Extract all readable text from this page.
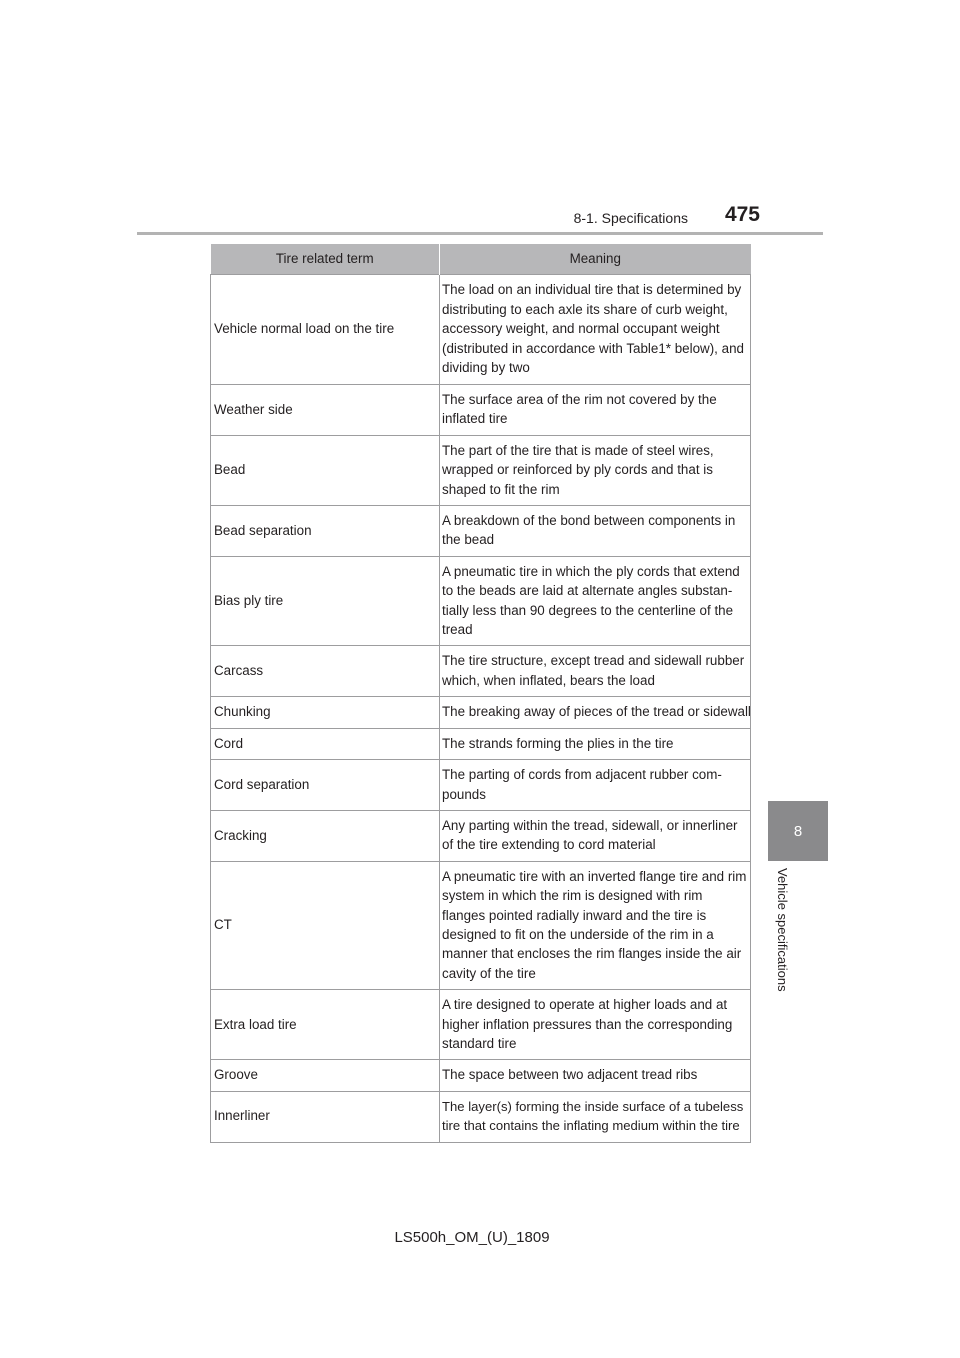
8-1. Specifications	475
8
Vehicle specifications
Tire related term	Meaning
Vehicle normal load on the tire	The load on an individual tire that is determined by distributing to each axle its share of curb weight, accessory weight, and normal occupant weight (distributed in accordance with Table1* below), and dividing by two
Weather side	The surface area of the rim not covered by the inflated tire
Bead	The part of the tire that is made of steel wires, wrapped or reinforced by ply cords and that is shaped to fit the rim
Bead separation	A breakdown of the bond between components in the bead
Bias ply tire	A pneumatic tire in which the ply cords that extend to the beads are laid at alternate angles substan-tially less than 90 degrees to the centerline of the tread
Carcass	The tire structure, except tread and sidewall rubber which, when inflated, bears the load
Chunking	The breaking away of pieces of the tread or sidewall
Cord	The strands forming the plies in the tire
Cord separation	The parting of cords from adjacent rubber com-pounds
Cracking	Any parting within the tread, sidewall, or innerliner of the tire extending to cord material
CT	A pneumatic tire with an inverted flange tire and rim system in which the rim is designed with rim flanges pointed radially inward and the tire is designed to fit on the underside of the rim in a manner that encloses the rim flanges inside the air cavity of the tire
Extra load tire	A tire designed to operate at higher loads and at higher inflation pressures than the corresponding standard tire
Groove	The space between two adjacent tread ribs
Innerliner	The layer(s) forming the inside surface of a tubeless tire that contains the inflating medium within the tire
LS500h_OM_(U)_1809
